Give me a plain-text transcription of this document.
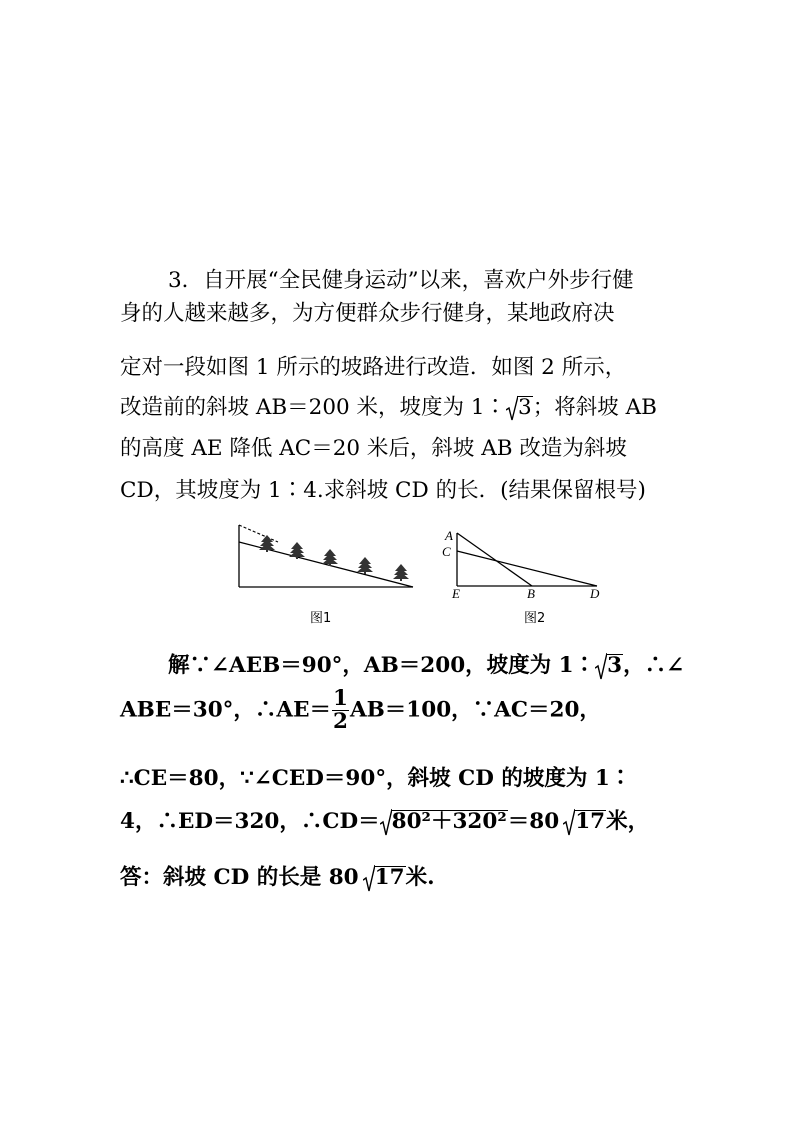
3．自开展“全民健身运动”以来，喜欢户外步行健
身的人越来越多，为方便群众步行健身，某地政府决
定对一段如图 1 所示的坡路进行改造．如图 2 所示，
改造前的斜坡 AB＝200 米，坡度为 1∶ 3；将斜坡 AB
的高度 AE 降低 AC＝20 米后，斜坡 AB 改造为斜坡
CD，其坡度为 1∶4.求斜坡 CD 的长．(结果保留根号)
图1
A
C
E	B	D
图2
解∵∠AEB＝90°，AB＝200，坡度为 1∶ 3，∴∠
ABE＝30°，∴AE＝ $\frac{1}{2} AB=100$，∵AC＝20，
∴CE＝80，∵∠CED＝90°，斜坡 CD 的坡度为 1∶
4，∴ED＝320，∴CD＝ 80²＋320²＝80 17米，
答：斜坡 CD 的长是 80 17米.
